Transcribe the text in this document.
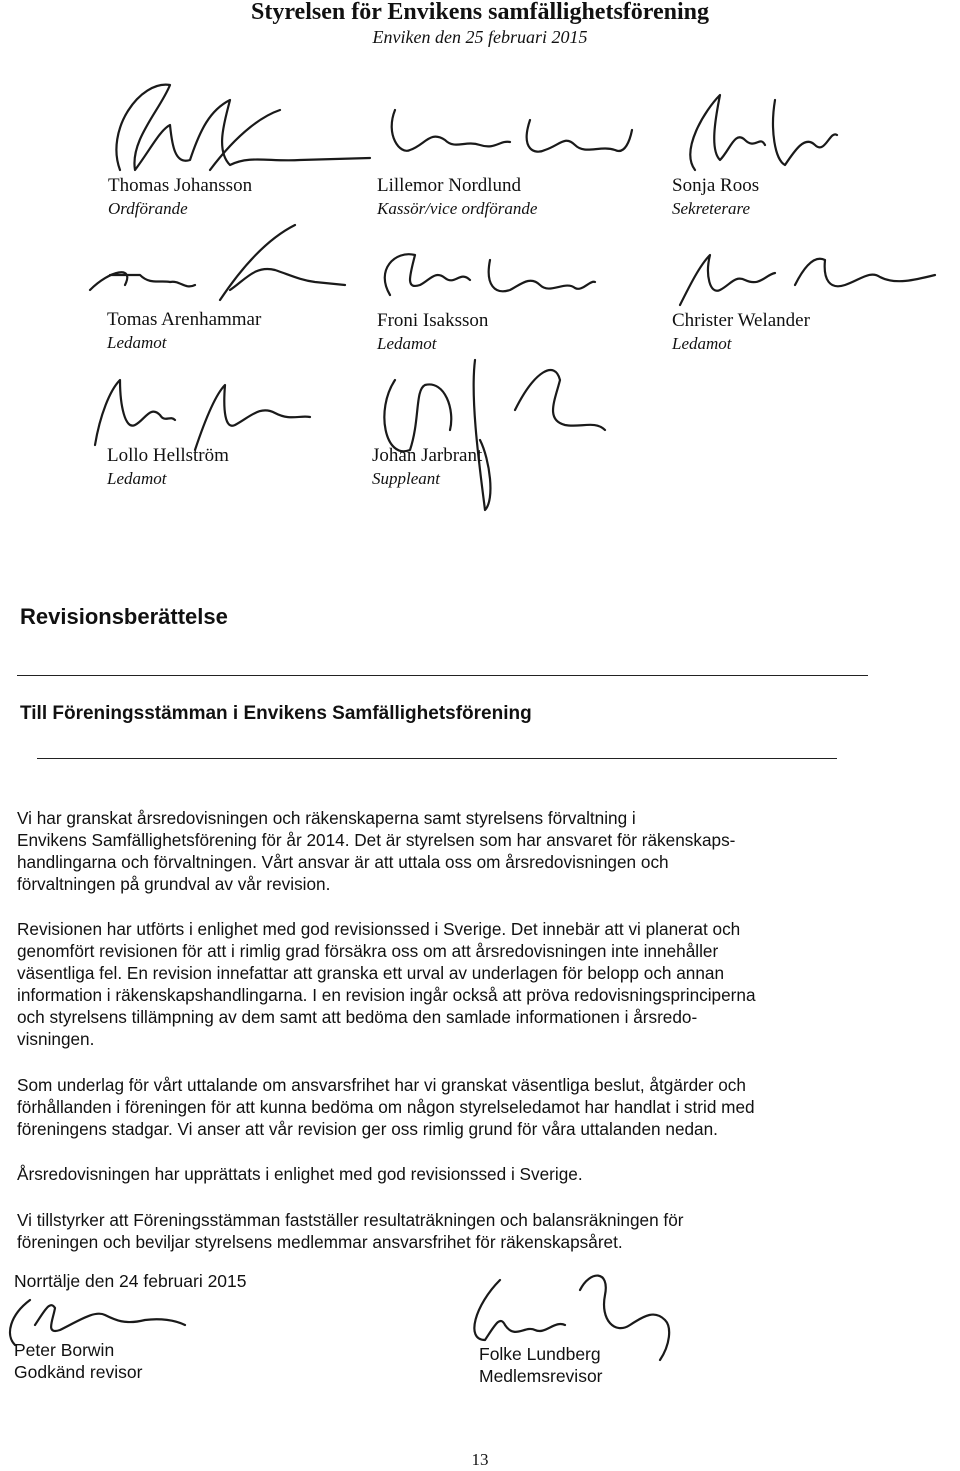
Styrelsen för Envikens samfällighetsförening
Enviken den 25 februari 2015
Thomas Johansson
Ordförande
Lillemor Nordlund
Kassör/vice ordförande
Sonja Roos
Sekreterare
Tomas Arenhammar
Ledamot
Froni Isaksson
Ledamot
Christer Welander
Ledamot
Lollo Hellström
Ledamot
Johan Jarbrant
Suppleant
Revisionsberättelse
Till Föreningsstämman i Envikens Samfällighetsförening
Vi har granskat årsredovisningen och räkenskaperna samt styrelsens förvaltning i
Envikens Samfällighetsförening för år 2014. Det är styrelsen som har ansvaret för räkenskaps-
handlingarna och förvaltningen. Vårt ansvar är att uttala oss om årsredovisningen och
förvaltningen på grundval av vår revision.
Revisionen har utförts i enlighet med god revisionssed i Sverige. Det innebär att vi planerat och
genomfört revisionen för att i rimlig grad försäkra oss om att årsredovisningen inte innehåller
väsentliga fel. En revision innefattar att granska ett urval av underlagen för belopp och annan
information i räkenskapshandlingarna. I en revision ingår också att pröva redovisningsprinciperna
och styrelsens tillämpning av dem samt att bedöma den samlade informationen i årsredo-
visningen.
Som underlag för vårt uttalande om ansvarsfrihet har vi granskat väsentliga beslut, åtgärder och
förhållanden i föreningen för att kunna bedöma om någon styrelseledamot har handlat i strid med
föreningens stadgar. Vi anser att vår revision ger oss rimlig grund för våra uttalanden nedan.
Årsredovisningen har upprättats i enlighet med god revisionssed i Sverige.
Vi tillstyrker att Föreningsstämman fastställer resultaträkningen och balansräkningen för
föreningen och beviljar styrelsens medlemmar ansvarsfrihet för räkenskapsåret.
Norrtälje den 24 februari 2015
Peter Borwin
Godkänd revisor
Folke Lundberg
Medlemsrevisor
13
